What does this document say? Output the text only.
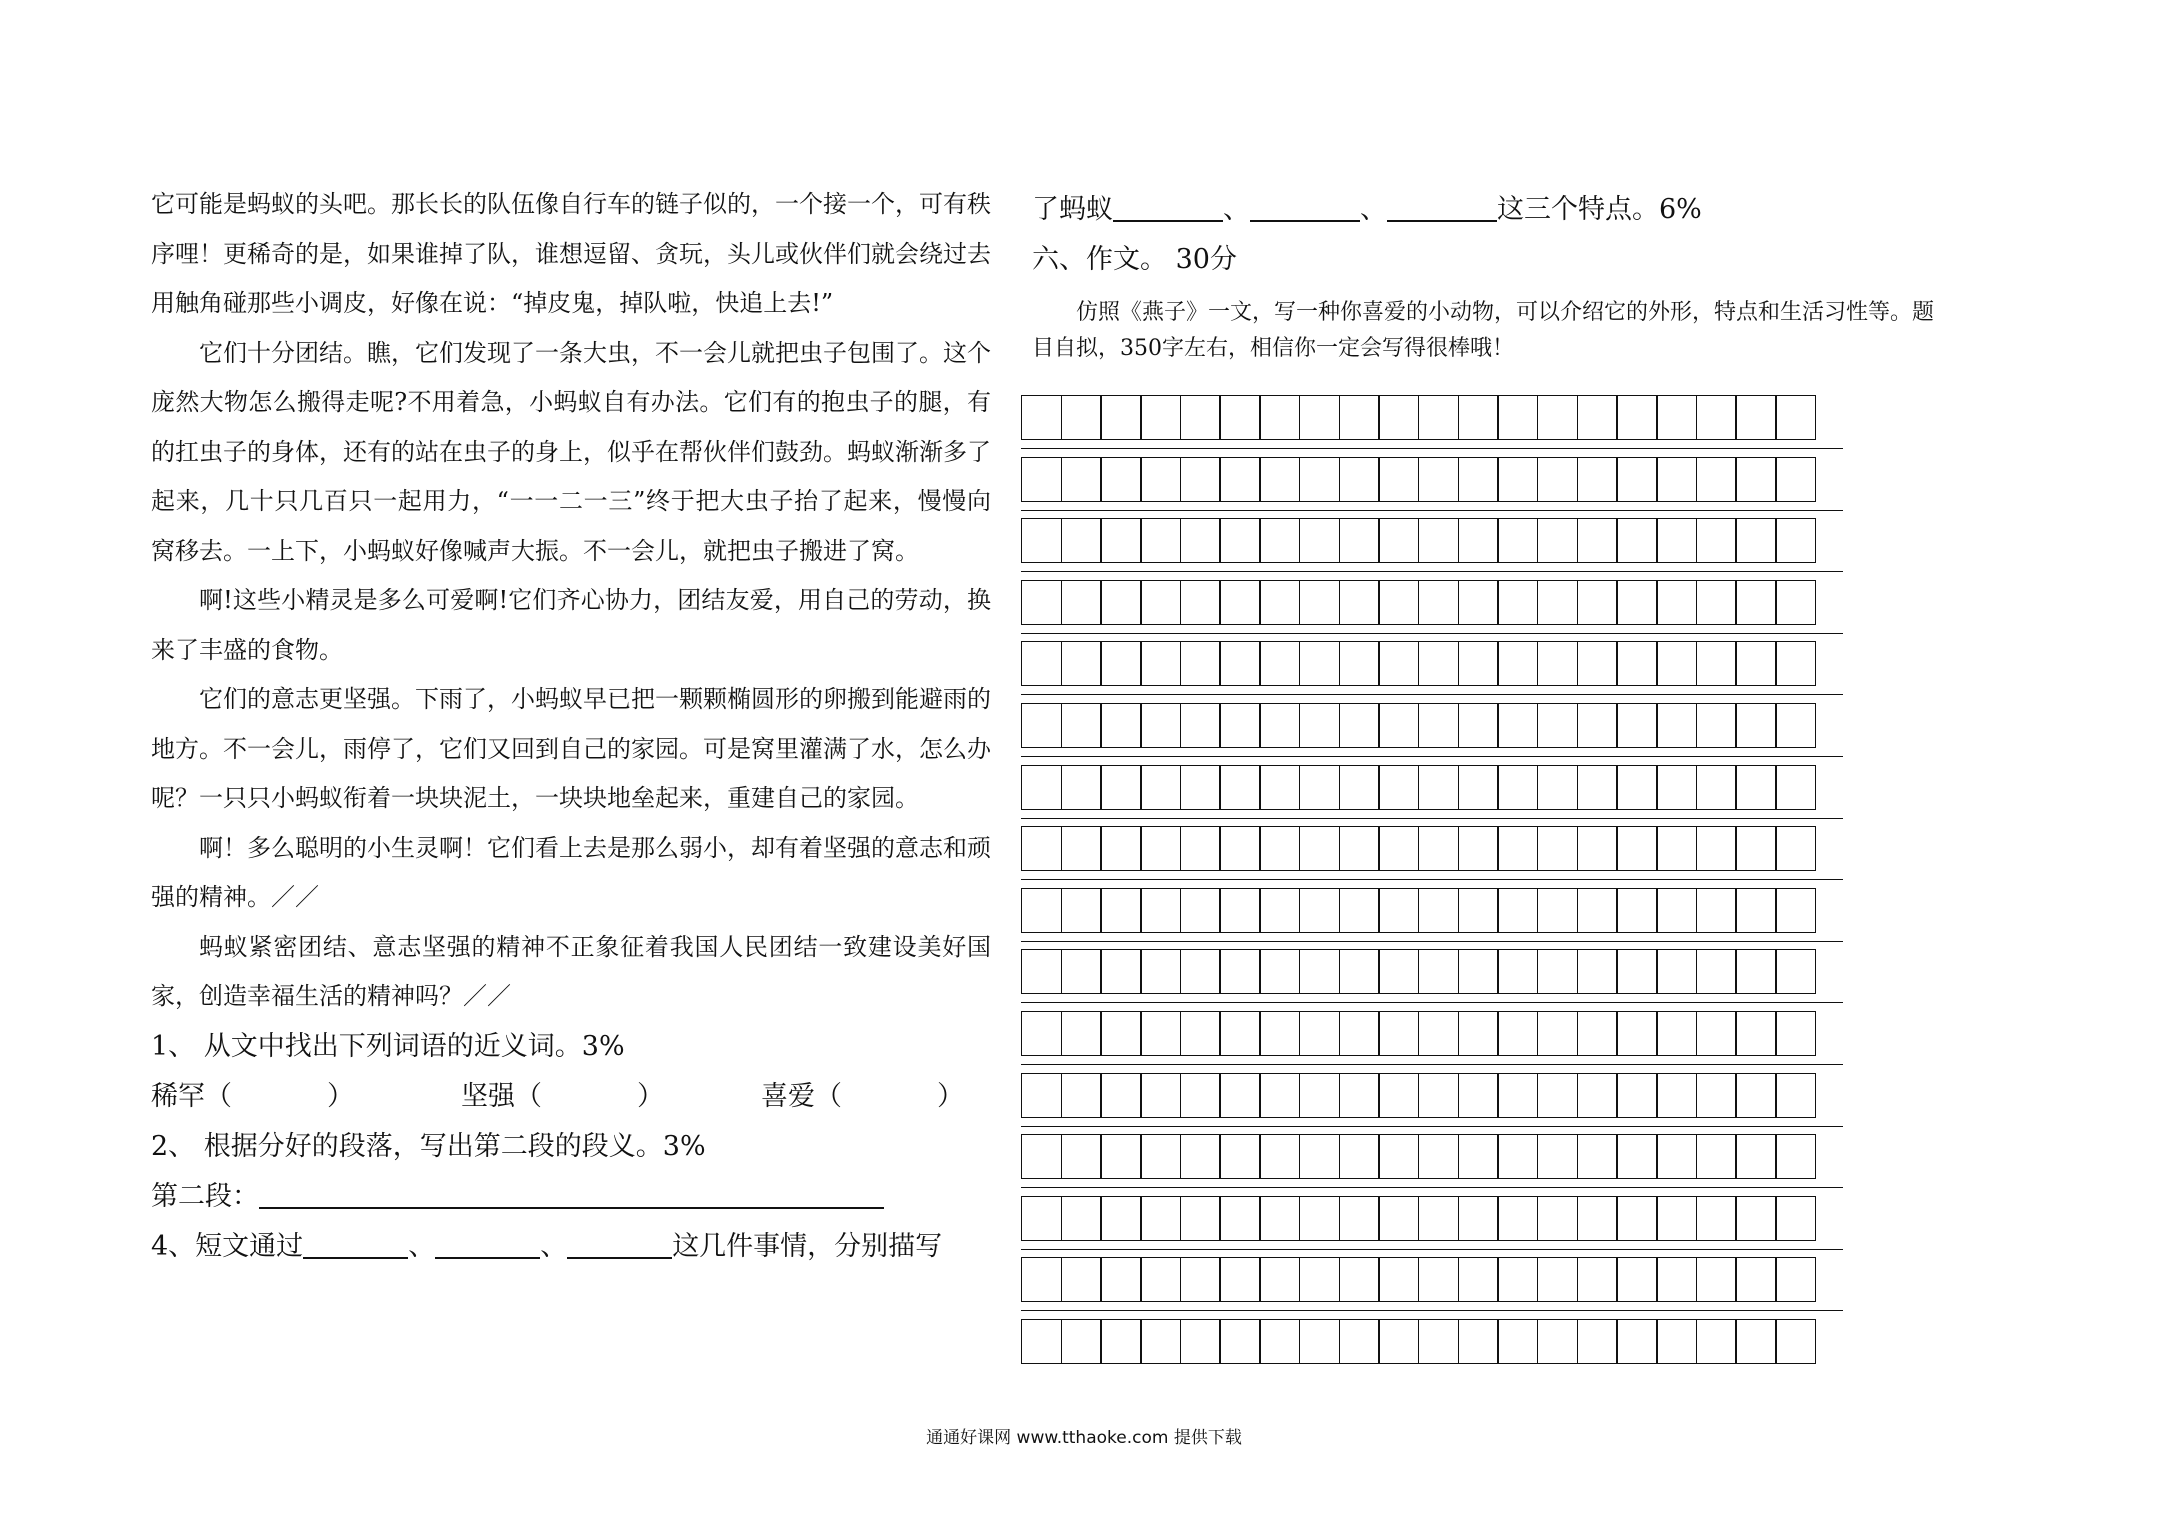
它可能是蚂蚁的头吧。那长长的队伍像自行车的链子似的，一个接一个，可有秩序哩！更稀奇的是，如果谁掉了队，谁想逗留、贪玩，头儿或伙伴们就会绕过去用触角碰那些小调皮，好像在说：“掉皮鬼，掉队啦，快追上去!”

它们十分团结。瞧，它们发现了一条大虫，不一会儿就把虫子包围了。这个庞然大物怎么搬得走呢?不用着急，小蚂蚁自有办法。它们有的抱虫子的腿，有的扛虫子的身体，还有的站在虫子的身上，似乎在帮伙伴们鼓劲。蚂蚁渐渐多了起来，几十只几百只一起用力，“一一二一三”终于把大虫子抬了起来，慢慢向窝移去。一上下，小蚂蚁好像喊声大振。不一会儿，就把虫子搬进了窝。

啊!这些小精灵是多么可爱啊!它们齐心协力，团结友爱，用自己的劳动，换来了丰盛的食物。

它们的意志更坚强。下雨了，小蚂蚁早已把一颗颗椭圆形的卵搬到能避雨的地方。不一会儿，雨停了，它们又回到自己的家园。可是窝里灌满了水，怎么办呢？一只只小蚂蚁衔着一块块泥土，一块块地垒起来，重建自己的家园。

啊！多么聪明的小生灵啊！它们看上去是那么弱小，却有着坚强的意志和顽强的精神。／／

蚂蚁紧密团结、意志坚强的精神不正象征着我国人民团结一致建设美好国家，创造幸福生活的精神吗？／／

1、 从文中找出下列词语的近义词。3%

稀罕（	）	坚强（	）	喜爱（	）

2、 根据分好的段落，写出第二段的段义。3%

第二段：

4、短文通过	、	、	这几件事情，分别描写

了蚂蚁	、	、	这三个特点。6%

六、作文。 30分

仿照《燕子》一文，写一种你喜爱的小动物，可以介绍它的外形，特点和生活习性等。题目自拟，350字左右，相信你一定会写得很棒哦！

通通好课网 www.tthaoke.com 提供下载
